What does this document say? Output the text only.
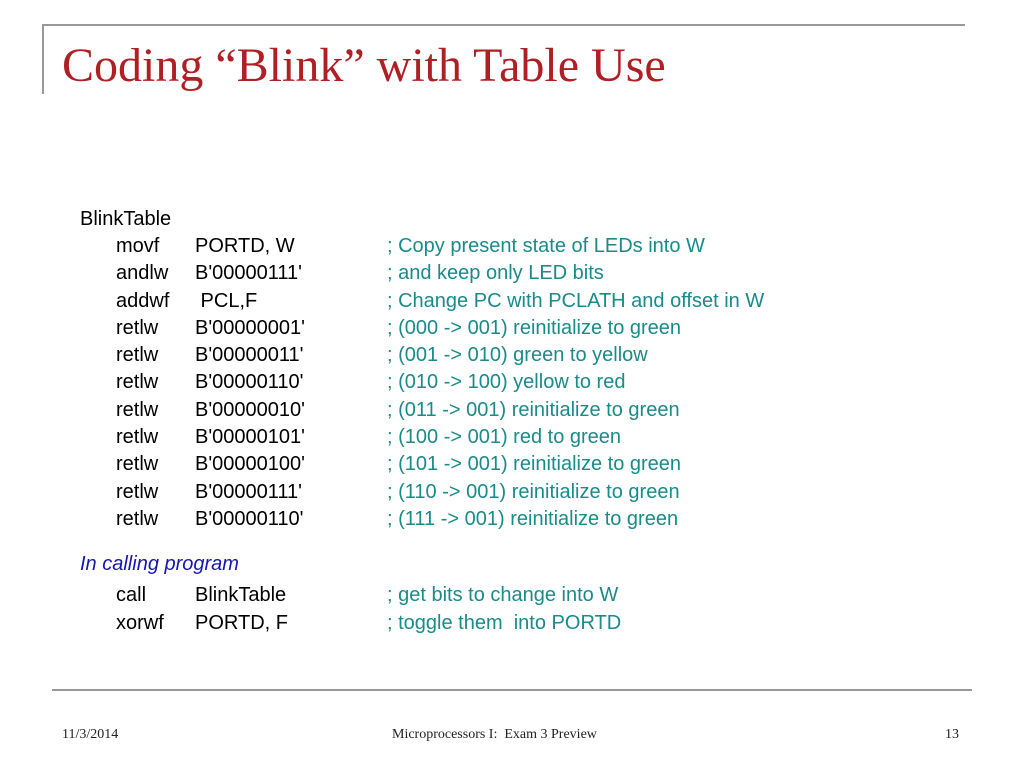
Coding “Blink” with Table Use
BlinkTable
movf PORTD, W	; Copy present state of LEDs into W
andlw B'00000111'	; and keep only LED bits
addwf PCL,F	; Change PC with PCLATH and offset in W
retlw B'00000001'	; (000 -> 001) reinitialize to green
retlw B'00000011'	; (001 -> 010) green to yellow
retlw B'00000110'	; (010 -> 100) yellow to red
retlw B'00000010'	; (011 -> 001) reinitialize to green
retlw B'00000101'	; (100 -> 001) red to green
retlw B'00000100'	; (101 -> 001) reinitialize to green
retlw B'00000111'	; (110 -> 001) reinitialize to green
retlw B'00000110'	; (111 -> 001) reinitialize to green
In calling program
call BlinkTable	; get bits to change into W
xorwf PORTD, F	; toggle them  into PORTD
11/3/2014	Microprocessors I:  Exam 3 Preview	13
